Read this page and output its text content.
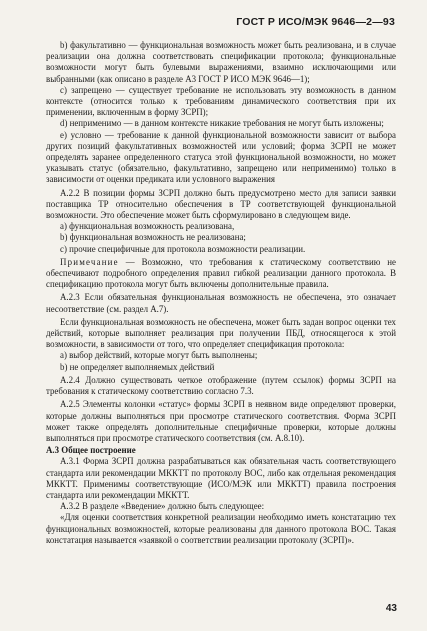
ГОСТ Р ИСО/МЭК 9646—2—93

b) факультативно — функциональная возможность может быть реализована, и в случае реализации она должна соответствовать спецификации протокола; функциональные возможности могут быть булевыми выражениями, взаимно исключающими или выбранными (как описано в разделе А3 ГОСТ Р ИСО МЭК 9646—1);

c) запрещено — существует требование не использовать эту возможность в данном контексте (относится только к требованиям динамического соответствия при их применении, включенным в форму ЗСРП);

d) неприменимо — в данном контексте никакие требования не могут быть изложены;

e) условно — требование к данной функциональной возможности зависит от выбора других позиций факультативных возможностей или условий; форма ЗСРП не может определять заранее определенного статуса этой функциональной возможности, но может указывать статус (обязательно, факультативно, запрещено или неприменимо) только в зависимости от оценки предиката или условного выражения

А.2.2 В позиции формы ЗСРП должно быть предусмотрено место для записи заявки поставщика ТР относительно обеспечения в ТР соответствующей функциональной возможности. Это обеспечение может быть сформулировано в следующем виде.

a) функциональная возможность реализована,

b) функциональная возможность не реализована;

c) прочие специфичные для протокола возможности реализации.

Примечание — Возможно, что требования к статическому соответствию не обеспечивают подробного определения правил гибкой реализации данного протокола. В спецификацию протокола могут быть включены дополнительные правила.

А.2.3 Если обязательная функциональная возможность не обеспечена, это означает несоответствие (см. раздел А.7).

Если функциональная возможность не обеспечена, может быть задан вопрос оценки тех действий, которые выполняет реализация при получении ПБД, относящегося к этой возможности, в зависимости от того, что определяет спецификация протокола:

a) выбор действий, которые могут быть выполнены;

b) не определяет выполняемых действий

А.2.4 Должно существовать четкое отображение (путем ссылок) формы ЗСРП на требования к статическому соответствию согласно 7.3.

А.2.5 Элементы колонки «статус» формы ЗСРП в неявном виде определяют проверки, которые должны выполняться при просмотре статического соответствия. Форма ЗСРП может также определять дополнительные специфичные проверки, которые должны выполняться при просмотре статического соответствия (см. А.8.10).

А.3 Общее построение

А.3.1 Форма ЗСРП должна разрабатываться как обязательная часть соответствующего стандарта или рекомендации МККТТ по протоколу ВОС, либо как отдельная рекомендация МККТТ. Применимы соответствующие (ИСО/МЭК или МККТТ) правила построения стандарта или рекомендации МККТТ.

А.3.2 В разделе «Введение» должно быть следующее:

«Для оценки соответствия конкретной реализации необходимо иметь констатацию тех функциональных возможностей, которые реализованы для данного протокола ВОС. Такая констатация называется «заявкой о соответствии реализации протоколу (ЗСРП)».

43
